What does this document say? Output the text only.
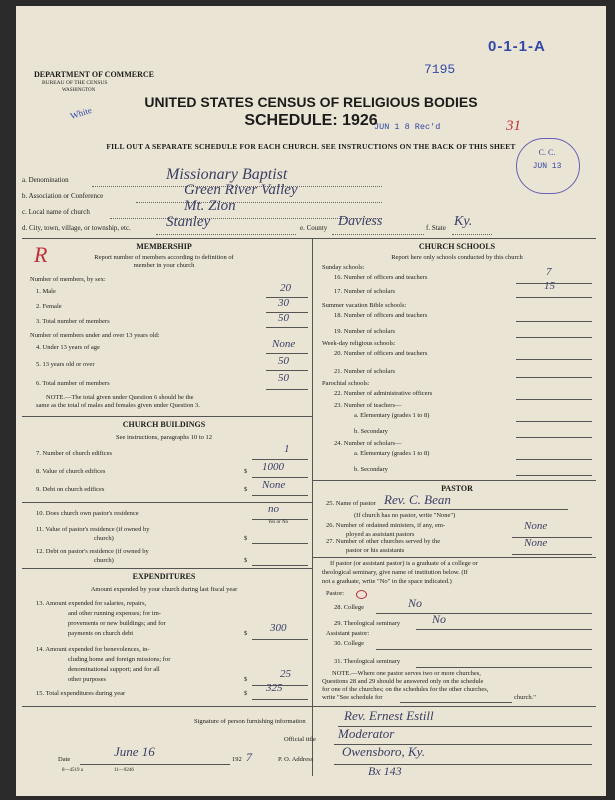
0-1-1-A
7195
White
JUN 1 8 Rec'd	31
C. C.
JUN 13
R
DEPARTMENT OF COMMERCE
BUREAU OF THE CENSUS
WASHINGTON
UNITED STATES CENSUS OF RELIGIOUS BODIES
SCHEDULE: 1926
FILL OUT A SEPARATE SCHEDULE FOR EACH CHURCH. SEE INSTRUCTIONS ON THE BACK OF THIS SHEET
a. Denomination	Missionary Baptist
b. Association or Conference	Green River Valley
c. Local name of church	Mt. Zion
d. City, town, village, or township, etc. Stanley	e. County Daviess	f. State Ky.
MEMBERSHIP
Report number of members according to definition of
member in your church
Number of members, by sex:
1. Male	20
2. Female	30
3. Total number of members	50
Number of members under and over 13 years old:
4. Under 13 years of age	None
5. 13 years old or over	50
6. Total number of members	50
NOTE.—The total given under Question 6 should be the
same as the total of males and females given under Question 3.
CHURCH BUILDINGS
See instructions, paragraphs 10 to 12
7. Number of church edifices	1
8. Value of church edifices	$ 1000
9. Debt on church edifices	$ None
10. Does church own pastor's residence	no
Yes or No
11. Value of pastor's residence (if owned by
church)	$
12. Debt on pastor's residence (if owned by
church)	$
EXPENDITURES
Amount expended by your church during last fiscal year
13. Amount expended for salaries, repairs,
and other running expenses; for im-
provements or new buildings; and for
payments on church debt	$ 300
14. Amount expended for benevolences, in-
cluding home and foreign missions; for
denominational support; and for all
other purposes	$	25
15. Total expenditures during year	$ 325
CHURCH SCHOOLS
Report here only schools conducted by this church
Sunday schools:
16. Number of officers and teachers	7
17. Number of scholars	15
Summer vacation Bible schools:
18. Number of officers and teachers
19. Number of scholars
Week-day religious schools:
20. Number of officers and teachers
21. Number of scholars
Parochial schools:
22. Number of administrative officers
23. Number of teachers—
a. Elementary (grades 1 to 8)
b. Secondary
24. Number of scholars—
a. Elementary (grades 1 to 8)
b. Secondary
PASTOR
25. Name of pastor Rev. C. Bean
(If church has no pastor, write "None")
26. Number of ordained ministers, if any, em-
ployed as assistant pastors
None
27. Number of other churches served by the
pastor or his assistants
None
If pastor (or assistant pastor) is a graduate of a college or
theological seminary, give name of institution below. (If
not a graduate, write "No" in the space indicated.)
Pastor:
28. College	No
29. Theological seminary	No
Assistant pastor:
30. College
31. Theological seminary
NOTE.—Where one pastor serves two or more churches,
Questions 28 and 29 should be answered only on the schedule
for one of the churches; on the schedules for the other churches,
write "See schedule for	church."
Signature of person furnishing information	Rev. Ernest Estill
Official title Moderator
Date
June 16
192 7	P. O. Address
Owensboro, Ky.
Bx 143
8—4519 a	11—9246
